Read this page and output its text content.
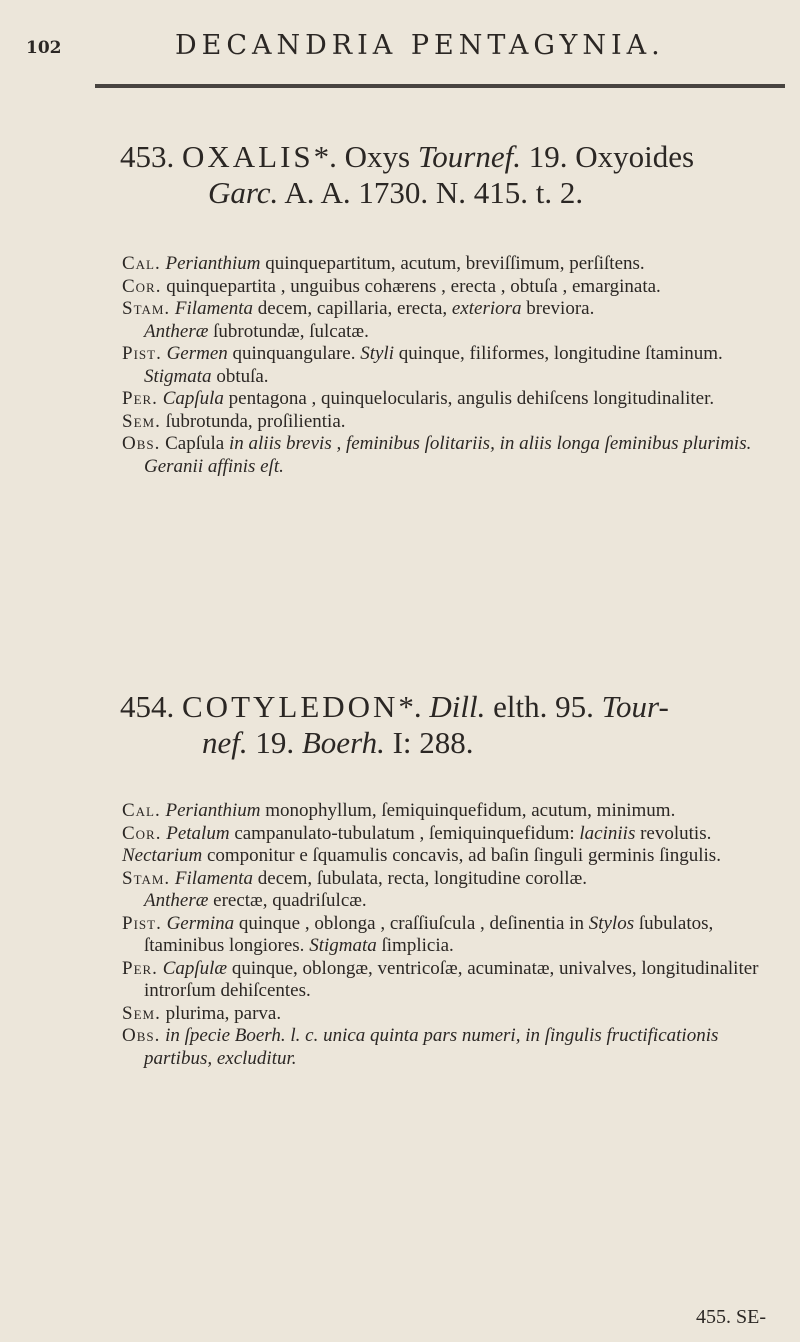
102	DECANDRIA PENTAGYNIA.
453. OXALIS*. Oxys Tournef. 19. Oxyoides
Garc. A. A. 1730. N. 415. t. 2.

Cal. Perianthium quinquepartitum, acutum, breviſſimum, perſiſtens.

Cor. quinquepartita , unguibus cohærens , erecta , obtuſa , emarginata.

Stam. Filamenta decem, capillaria, erecta, exteriora breviora.
Antheræ ſubrotundæ, ſulcatæ.

Pist. Germen quinquangulare. Styli quinque, filiformes, longitudine ſtaminum. Stigmata obtuſa.

Per. Capſula pentagona , quinquelocularis, angulis dehiſcens longitudinaliter.

Sem. ſubrotunda, proſilientia.

Obs. Capſula in aliis brevis , feminibus ſolitariis, in aliis longa ſeminibus plurimis.

Geranii affinis eſt.

454. COTYLEDON*. Dill. elth. 95. Tour-
nef. 19. Boerh. I: 288.

Cal. Perianthium monophyllum, ſemiquinquefidum, acutum, minimum.

Cor. Petalum campanulato-tubulatum , ſemiquinquefidum: laciniis revolutis.

Nectarium componitur e ſquamulis concavis, ad baſin ſinguli germinis ſingulis.

Stam. Filamenta decem, ſubulata, recta, longitudine corollæ.
Antheræ erectæ, quadriſulcæ.

Pist. Germina quinque , oblonga , craſſiuſcula , deſinentia in Stylos ſubulatos, ſtaminibus longiores. Stigmata ſimplicia.

Per. Capſulæ quinque, oblongæ, ventricoſæ, acuminatæ, univalves, longitudinaliter introrſum dehiſcentes.

Sem. plurima, parva.

Obs. in ſpecie Boerh. l. c. unica quinta pars numeri, in ſingulis fructificationis partibus, excluditur.

455. SE-
